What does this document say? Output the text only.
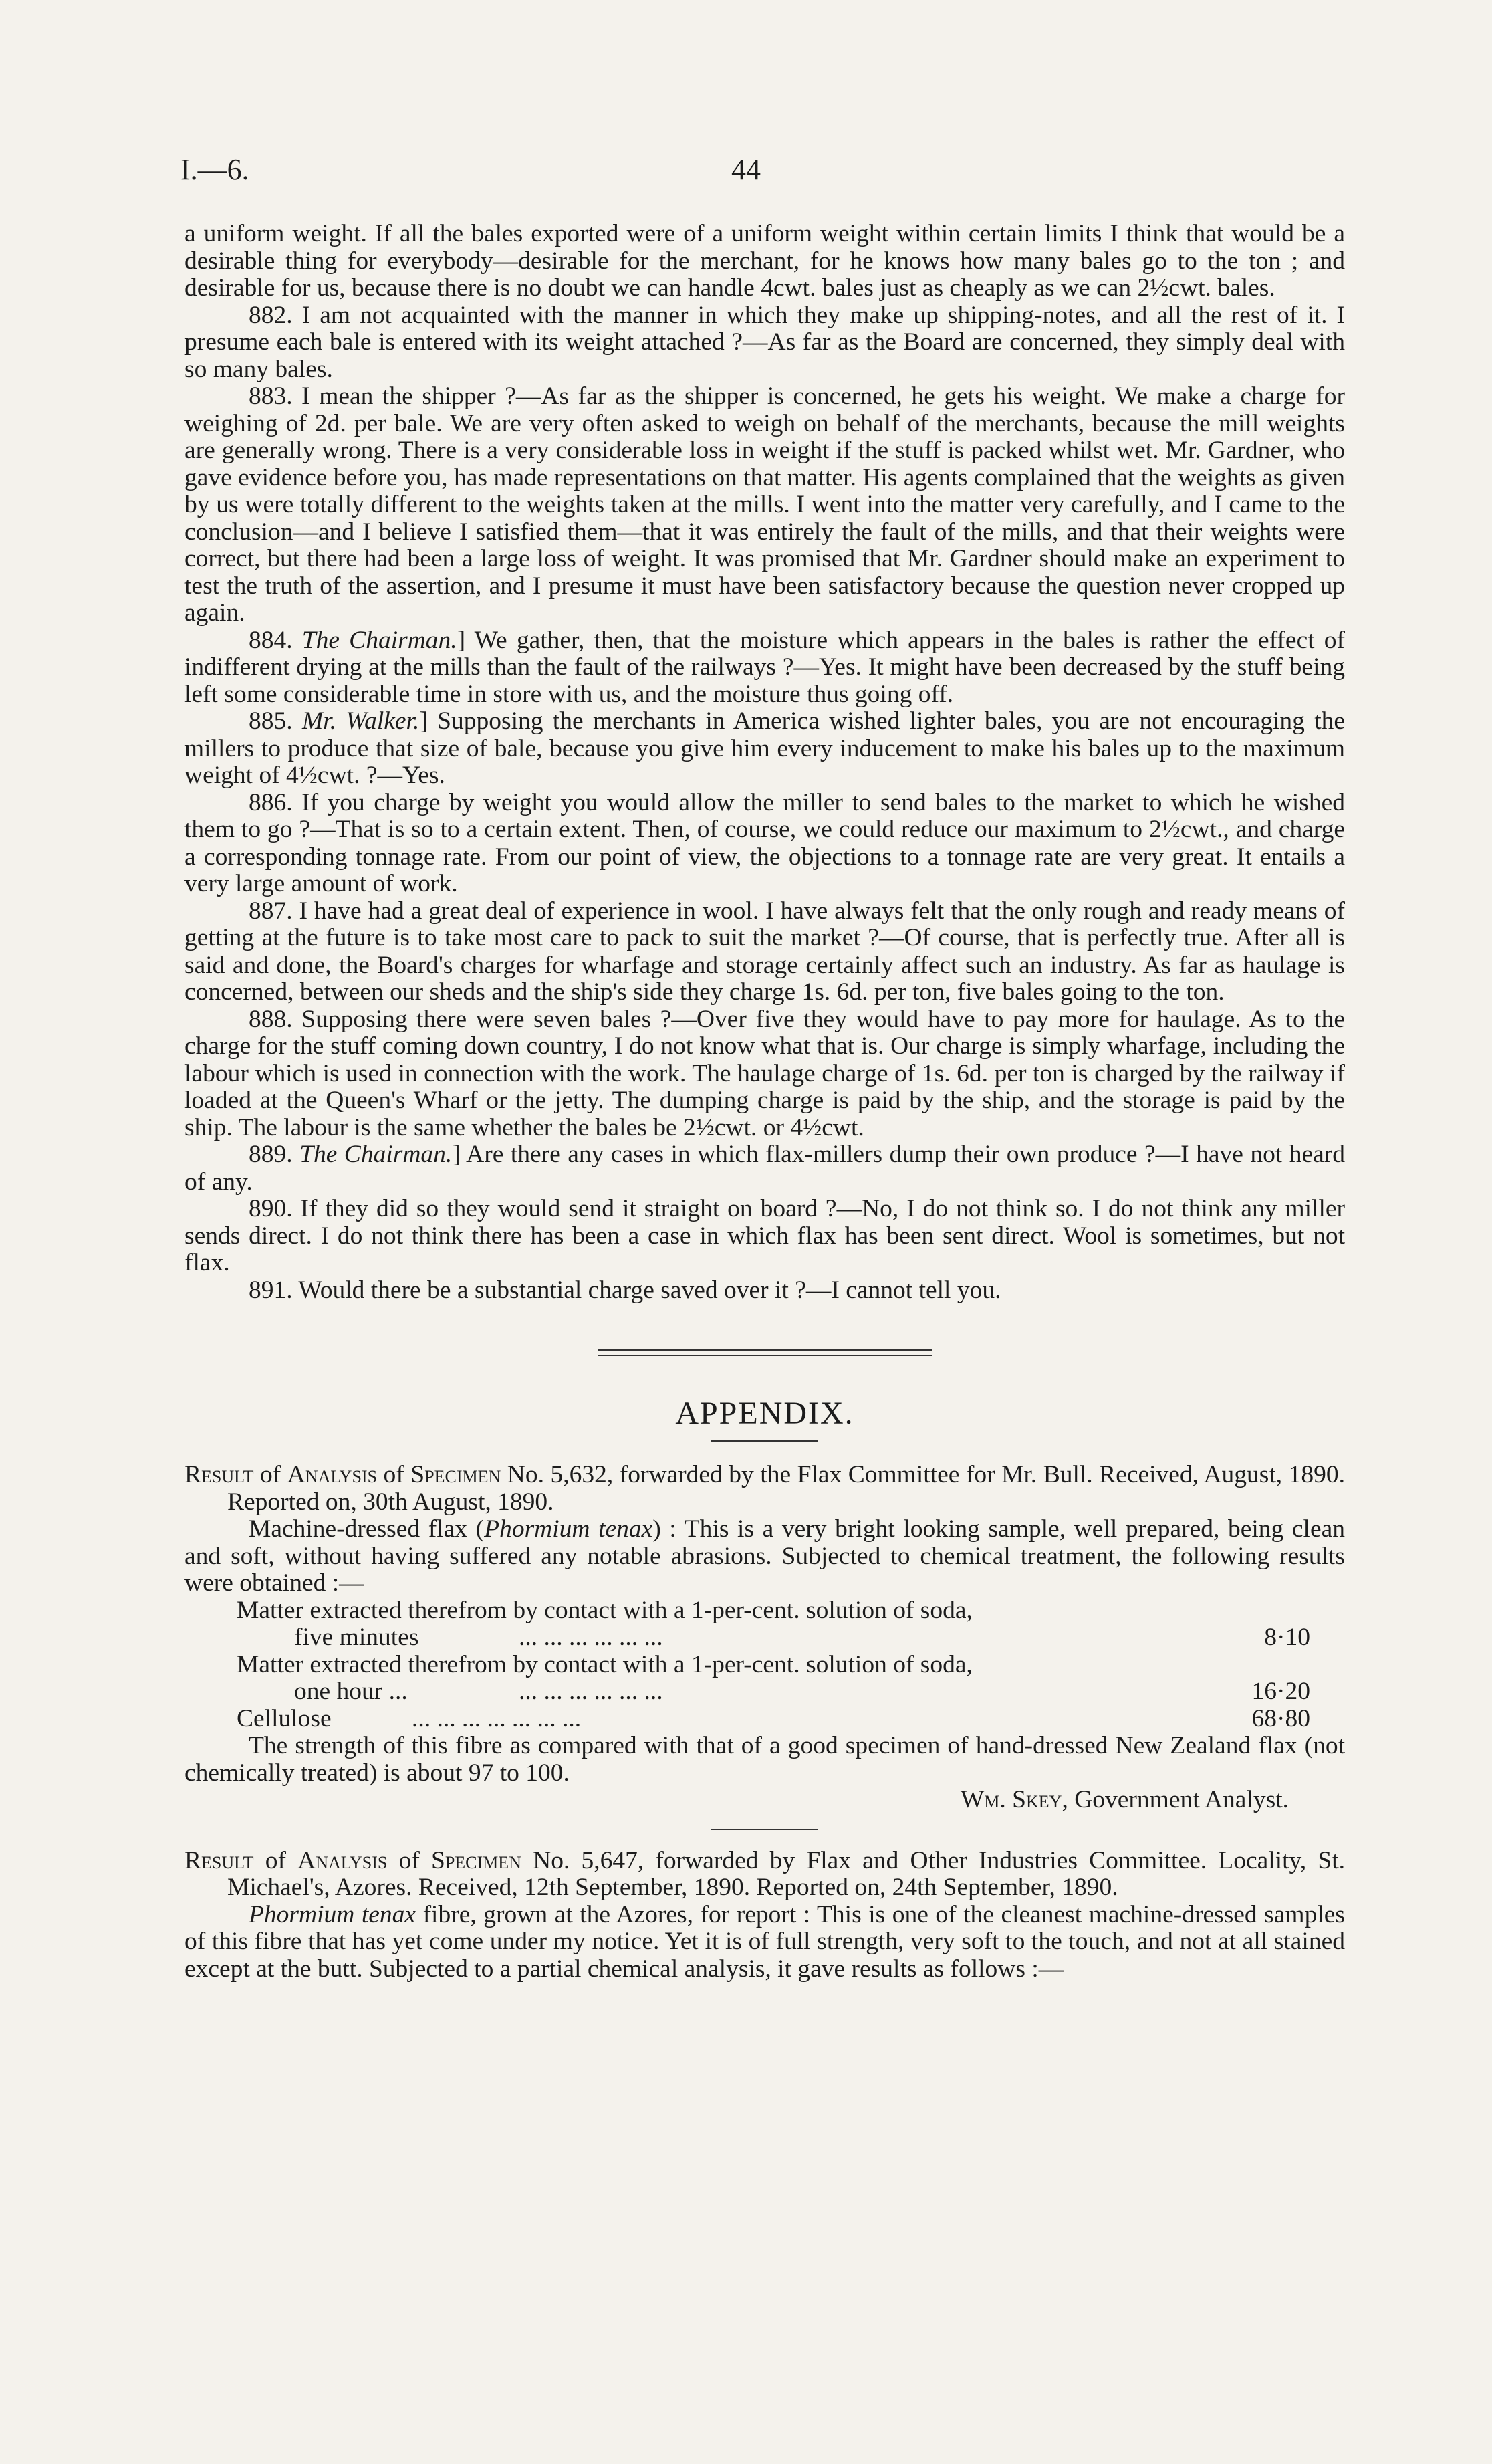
I.—6.	44

a uniform weight. If all the bales exported were of a uniform weight within certain limits I think that would be a desirable thing for everybody—desirable for the merchant, for he knows how many bales go to the ton ; and desirable for us, because there is no doubt we can handle 4cwt. bales just as cheaply as we can 2½cwt. bales.

882. I am not acquainted with the manner in which they make up shipping-notes, and all the rest of it. I presume each bale is entered with its weight attached ?—As far as the Board are concerned, they simply deal with so many bales.

883. I mean the shipper ?—As far as the shipper is concerned, he gets his weight. We make a charge for weighing of 2d. per bale. We are very often asked to weigh on behalf of the merchants, because the mill weights are generally wrong. There is a very considerable loss in weight if the stuff is packed whilst wet. Mr. Gardner, who gave evidence before you, has made representations on that matter. His agents complained that the weights as given by us were totally different to the weights taken at the mills. I went into the matter very carefully, and I came to the conclusion—and I believe I satisfied them—that it was entirely the fault of the mills, and that their weights were correct, but there had been a large loss of weight. It was promised that Mr. Gardner should make an experiment to test the truth of the assertion, and I presume it must have been satisfactory because the question never cropped up again.

884. The Chairman.] We gather, then, that the moisture which appears in the bales is rather the effect of indifferent drying at the mills than the fault of the railways ?—Yes. It might have been decreased by the stuff being left some considerable time in store with us, and the moisture thus going off.

885. Mr. Walker.] Supposing the merchants in America wished lighter bales, you are not encouraging the millers to produce that size of bale, because you give him every inducement to make his bales up to the maximum weight of 4½cwt. ?—Yes.

886. If you charge by weight you would allow the miller to send bales to the market to which he wished them to go ?—That is so to a certain extent. Then, of course, we could reduce our maximum to 2½cwt., and charge a corresponding tonnage rate. From our point of view, the objections to a tonnage rate are very great. It entails a very large amount of work.

887. I have had a great deal of experience in wool. I have always felt that the only rough and ready means of getting at the future is to take most care to pack to suit the market ?—Of course, that is perfectly true. After all is said and done, the Board's charges for wharfage and storage certainly affect such an industry. As far as haulage is concerned, between our sheds and the ship's side they charge 1s. 6d. per ton, five bales going to the ton.

888. Supposing there were seven bales ?—Over five they would have to pay more for haulage. As to the charge for the stuff coming down country, I do not know what that is. Our charge is simply wharfage, including the labour which is used in connection with the work. The haulage charge of 1s. 6d. per ton is charged by the railway if loaded at the Queen's Wharf or the jetty. The dumping charge is paid by the ship, and the storage is paid by the ship. The labour is the same whether the bales be 2½cwt. or 4½cwt.

889. The Chairman.] Are there any cases in which flax-millers dump their own produce ?—I have not heard of any.

890. If they did so they would send it straight on board ?—No, I do not think so. I do not think any miller sends direct. I do not think there has been a case in which flax has been sent direct. Wool is sometimes, but not flax.

891. Would there be a substantial charge saved over it ?—I cannot tell you.

APPENDIX.

Result of Analysis of Specimen No. 5,632, forwarded by the Flax Committee for Mr. Bull. Received, August, 1890. Reported on, 30th August, 1890.

Machine-dressed flax (Phormium tenax) : This is a very bright looking sample, well prepared, being clean and soft, without having suffered any notable abrasions. Subjected to chemical treatment, the following results were obtained :—

Matter extracted therefrom by contact with a 1-per-cent. solution of soda,
five minutes	... ... ... ... ... ...	8·10
Matter extracted therefrom by contact with a 1-per-cent. solution of soda,
one hour ...	... ... ... ... ... ...	16·20
Cellulose	... ... ... ... ... ... ...	68·80

The strength of this fibre as compared with that of a good specimen of hand-dressed New Zealand flax (not chemically treated) is about 97 to 100.

Wm. Skey, Government Analyst.

Result of Analysis of Specimen No. 5,647, forwarded by Flax and Other Industries Committee. Locality, St. Michael's, Azores. Received, 12th September, 1890. Reported on, 24th September, 1890.

Phormium tenax fibre, grown at the Azores, for report : This is one of the cleanest machine-dressed samples of this fibre that has yet come under my notice. Yet it is of full strength, very soft to the touch, and not at all stained except at the butt. Subjected to a partial chemical analysis, it gave results as follows :—
